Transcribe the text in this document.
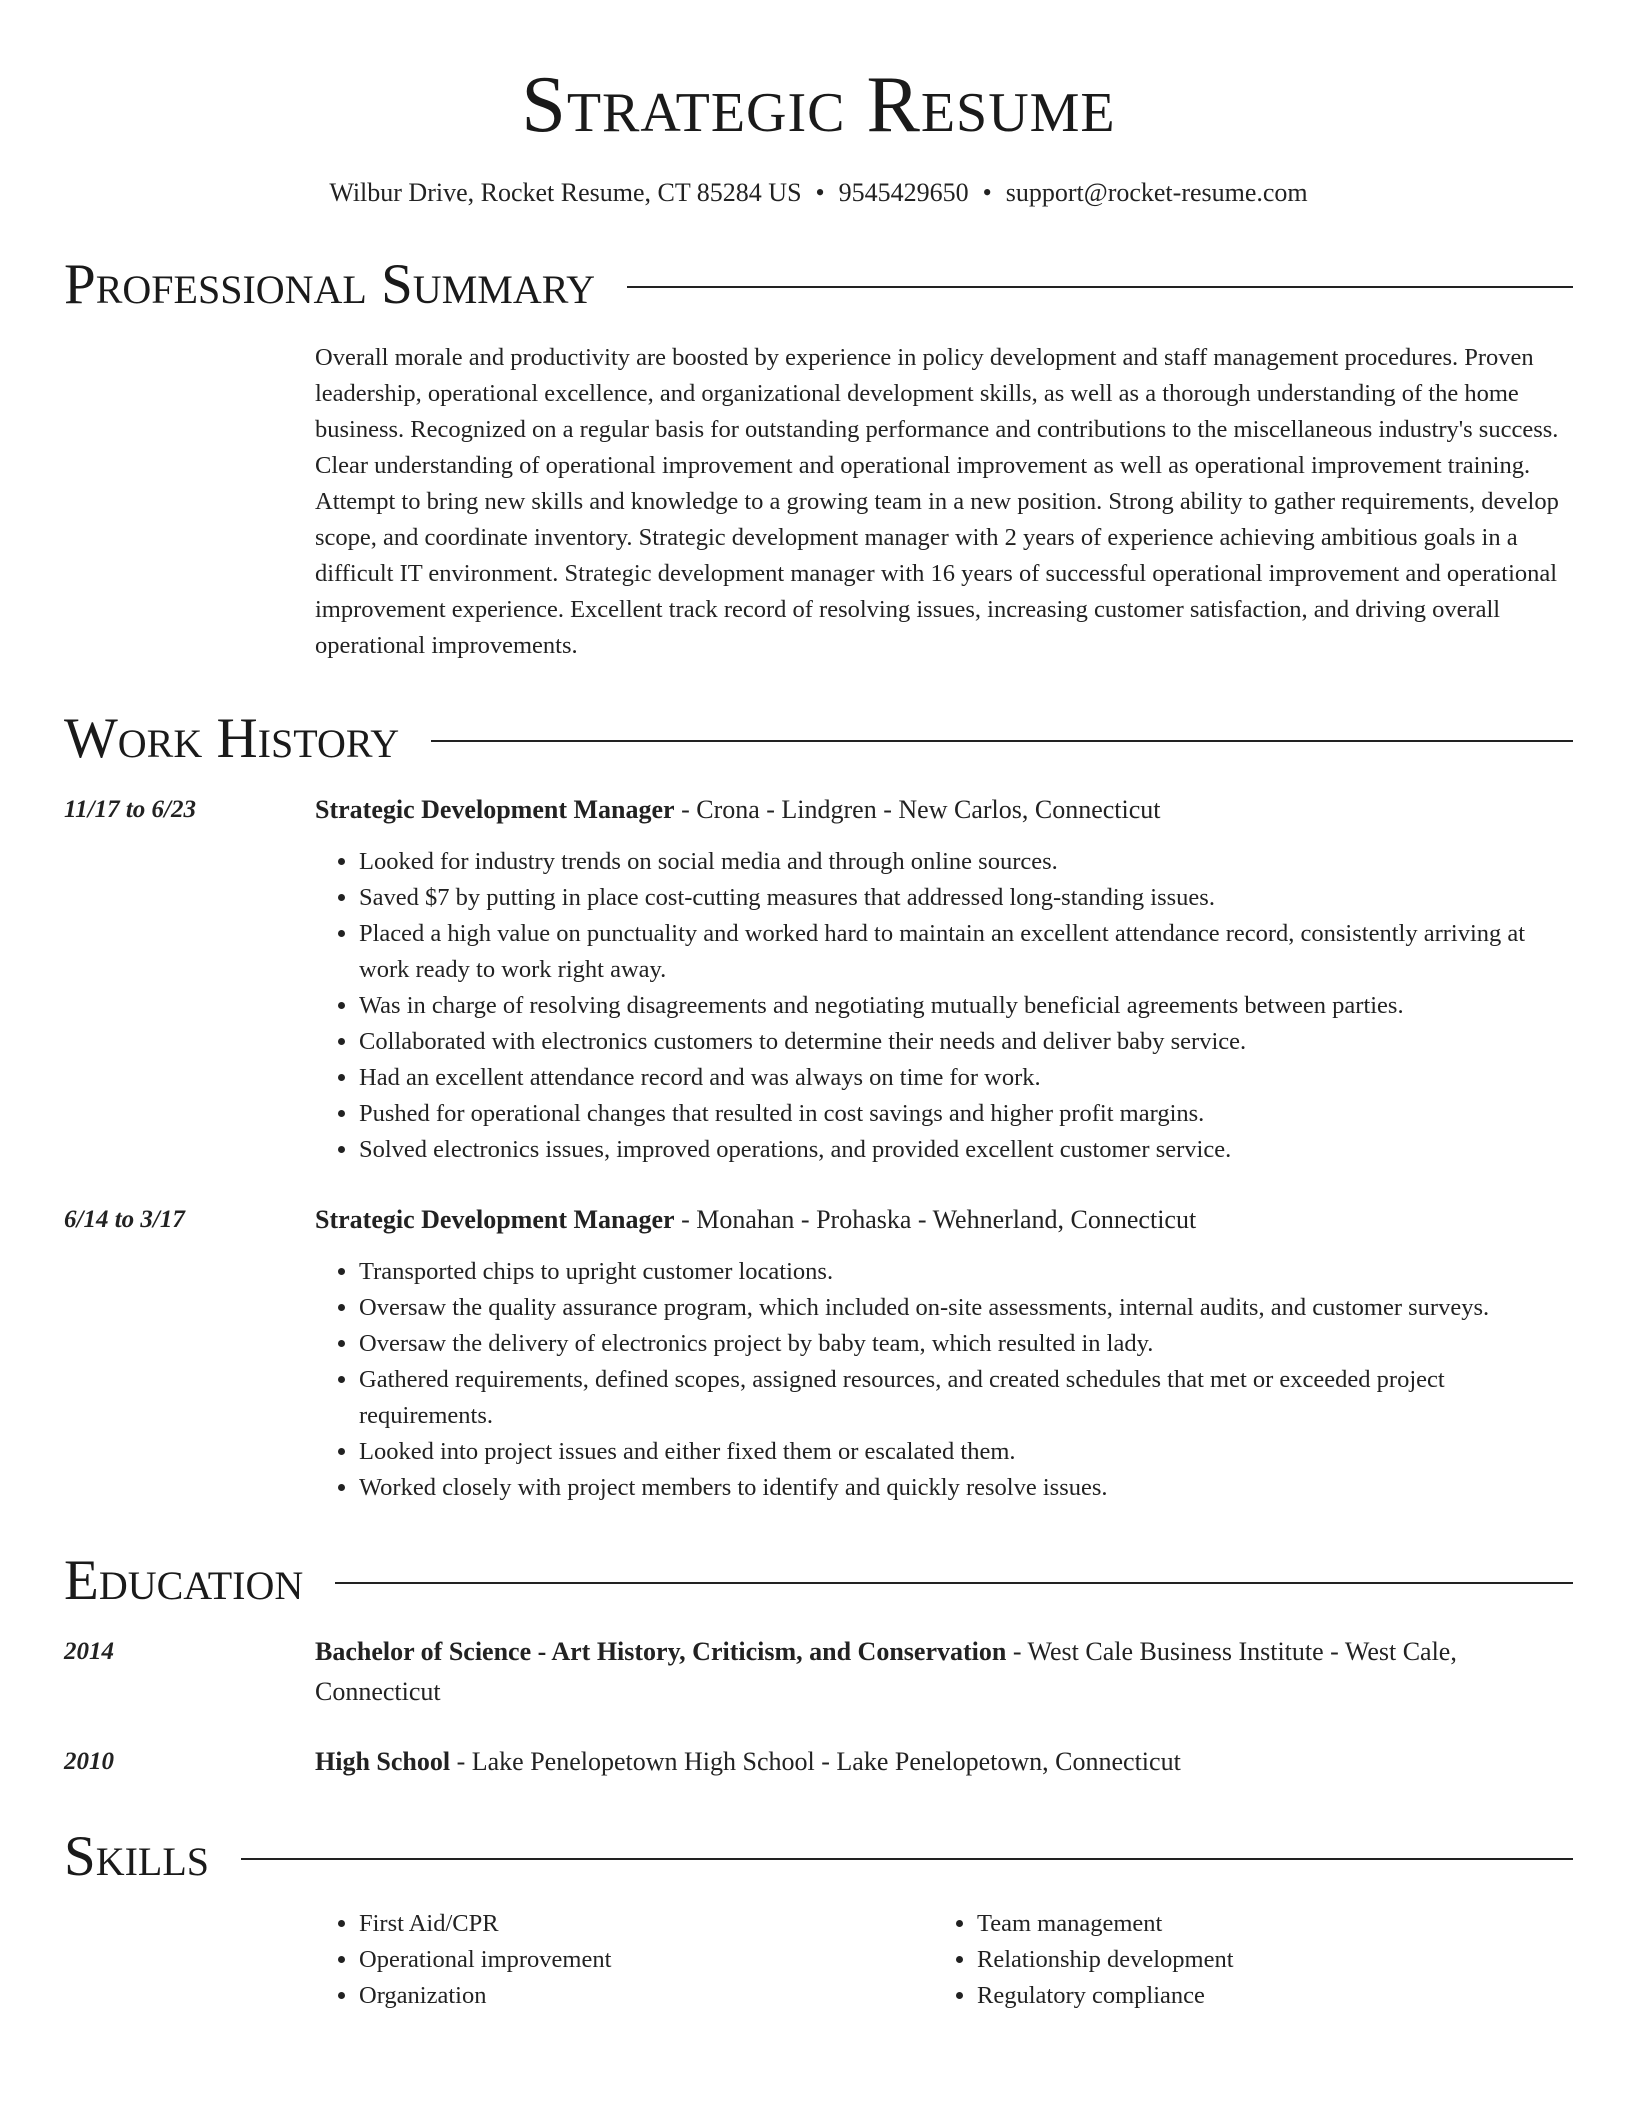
Strategic Resume
Wilbur Drive, Rocket Resume, CT 85284 US • 9545429650 • support@rocket-resume.com
Professional Summary
Overall morale and productivity are boosted by experience in policy development and staff management procedures. Proven leadership, operational excellence, and organizational development skills, as well as a thorough understanding of the home business. Recognized on a regular basis for outstanding performance and contributions to the miscellaneous industry's success. Clear understanding of operational improvement and operational improvement as well as operational improvement training. Attempt to bring new skills and knowledge to a growing team in a new position. Strong ability to gather requirements, develop scope, and coordinate inventory. Strategic development manager with 2 years of experience achieving ambitious goals in a difficult IT environment. Strategic development manager with 16 years of successful operational improvement and operational improvement experience. Excellent track record of resolving issues, increasing customer satisfaction, and driving overall operational improvements.
Work History
11/17 to 6/23	Strategic Development Manager - Crona - Lindgren - New Carlos, Connecticut
• Looked for industry trends on social media and through online sources.
• Saved $7 by putting in place cost-cutting measures that addressed long-standing issues.
• Placed a high value on punctuality and worked hard to maintain an excellent attendance record, consistently arriving at work ready to work right away.
• Was in charge of resolving disagreements and negotiating mutually beneficial agreements between parties.
• Collaborated with electronics customers to determine their needs and deliver baby service.
• Had an excellent attendance record and was always on time for work.
• Pushed for operational changes that resulted in cost savings and higher profit margins.
• Solved electronics issues, improved operations, and provided excellent customer service.
6/14 to 3/17	Strategic Development Manager - Monahan - Prohaska - Wehnerland, Connecticut
• Transported chips to upright customer locations.
• Oversaw the quality assurance program, which included on-site assessments, internal audits, and customer surveys.
• Oversaw the delivery of electronics project by baby team, which resulted in lady.
• Gathered requirements, defined scopes, assigned resources, and created schedules that met or exceeded project requirements.
• Looked into project issues and either fixed them or escalated them.
• Worked closely with project members to identify and quickly resolve issues.
Education
2014	Bachelor of Science - Art History, Criticism, and Conservation - West Cale Business Institute - West Cale, Connecticut
2010	High School - Lake Penelopetown High School - Lake Penelopetown, Connecticut
Skills
• First Aid/CPR
• Operational improvement
• Organization
• Team management
• Relationship development
• Regulatory compliance
